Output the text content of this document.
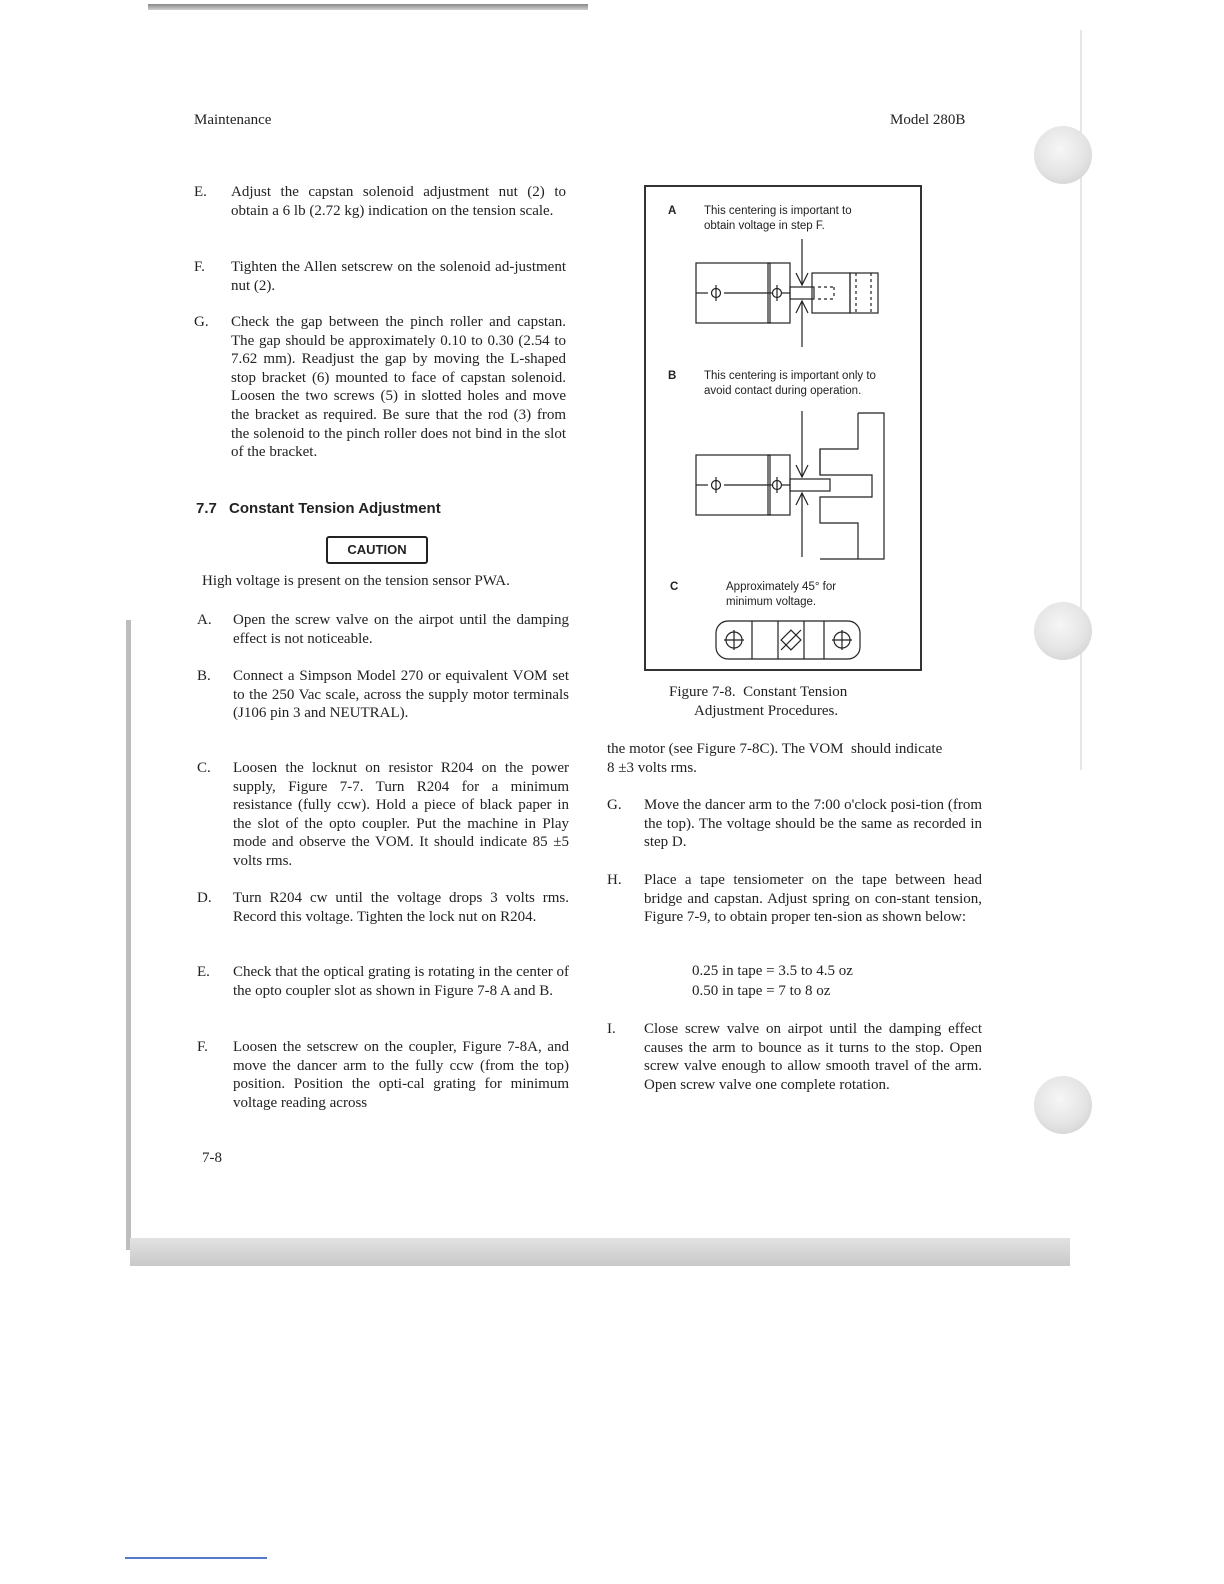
Maintenance	Model 280B
E. Adjust the capstan solenoid adjustment nut (2) to obtain a 6 lb (2.72 kg) indication on the tension scale.
F. Tighten the Allen setscrew on the solenoid ad-justment nut (2).
G. Check the gap between the pinch roller and capstan. The gap should be approximately 0.10 to 0.30 (2.54 to 7.62 mm). Readjust the gap by moving the L-shaped stop bracket (6) mounted to face of capstan solenoid. Loosen the two screws (5) in slotted holes and move the bracket as required. Be sure that the rod (3) from the solenoid to the pinch roller does not bind in the slot of the bracket.
7.7 Constant Tension Adjustment
CAUTION
High voltage is present on the tension sensor PWA.
A. Open the screw valve on the airpot until the damping effect is not noticeable.
B. Connect a Simpson Model 270 or equivalent VOM set to the 250 Vac scale, across the supply motor terminals (J106 pin 3 and NEUTRAL).
C. Loosen the locknut on resistor R204 on the power supply, Figure 7-7. Turn R204 for a minimum resistance (fully ccw). Hold a piece of black paper in the slot of the opto coupler. Put the machine in Play mode and observe the VOM. It should indicate 85 ±5 volts rms.
D. Turn R204 cw until the voltage drops 3 volts rms. Record this voltage. Tighten the lock nut on R204.
E. Check that the optical grating is rotating in the center of the opto coupler slot as shown in Figure 7-8 A and B.
F. Loosen the setscrew on the coupler, Figure 7-8A, and move the dancer arm to the fully ccw (from the top) position. Position the opti-cal grating for minimum voltage reading across
A This centering is important to obtain voltage in step F.
B This centering is important only to avoid contact during operation.
C	Approximately 45° for minimum voltage.
Figure 7-8.  Constant Tension
Adjustment Procedures.
the motor (see Figure 7-8C). The VOM  should indicate 8 ±3 volts rms.
G. Move the dancer arm to the 7:00 o'clock posi-tion (from the top). The voltage should be the same as recorded in step D.
H. Place a tape tensiometer on the tape between head bridge and capstan. Adjust spring on con-stant tension, Figure 7-9, to obtain proper ten-sion as shown below:
0.25 in tape = 3.5 to 4.5 oz
0.50 in tape = 7 to 8 oz
I. Close screw valve on airpot until the damping effect causes the arm to bounce as it turns to the stop. Open screw valve enough to allow smooth travel of the arm. Open screw valve one complete rotation.
7-8
